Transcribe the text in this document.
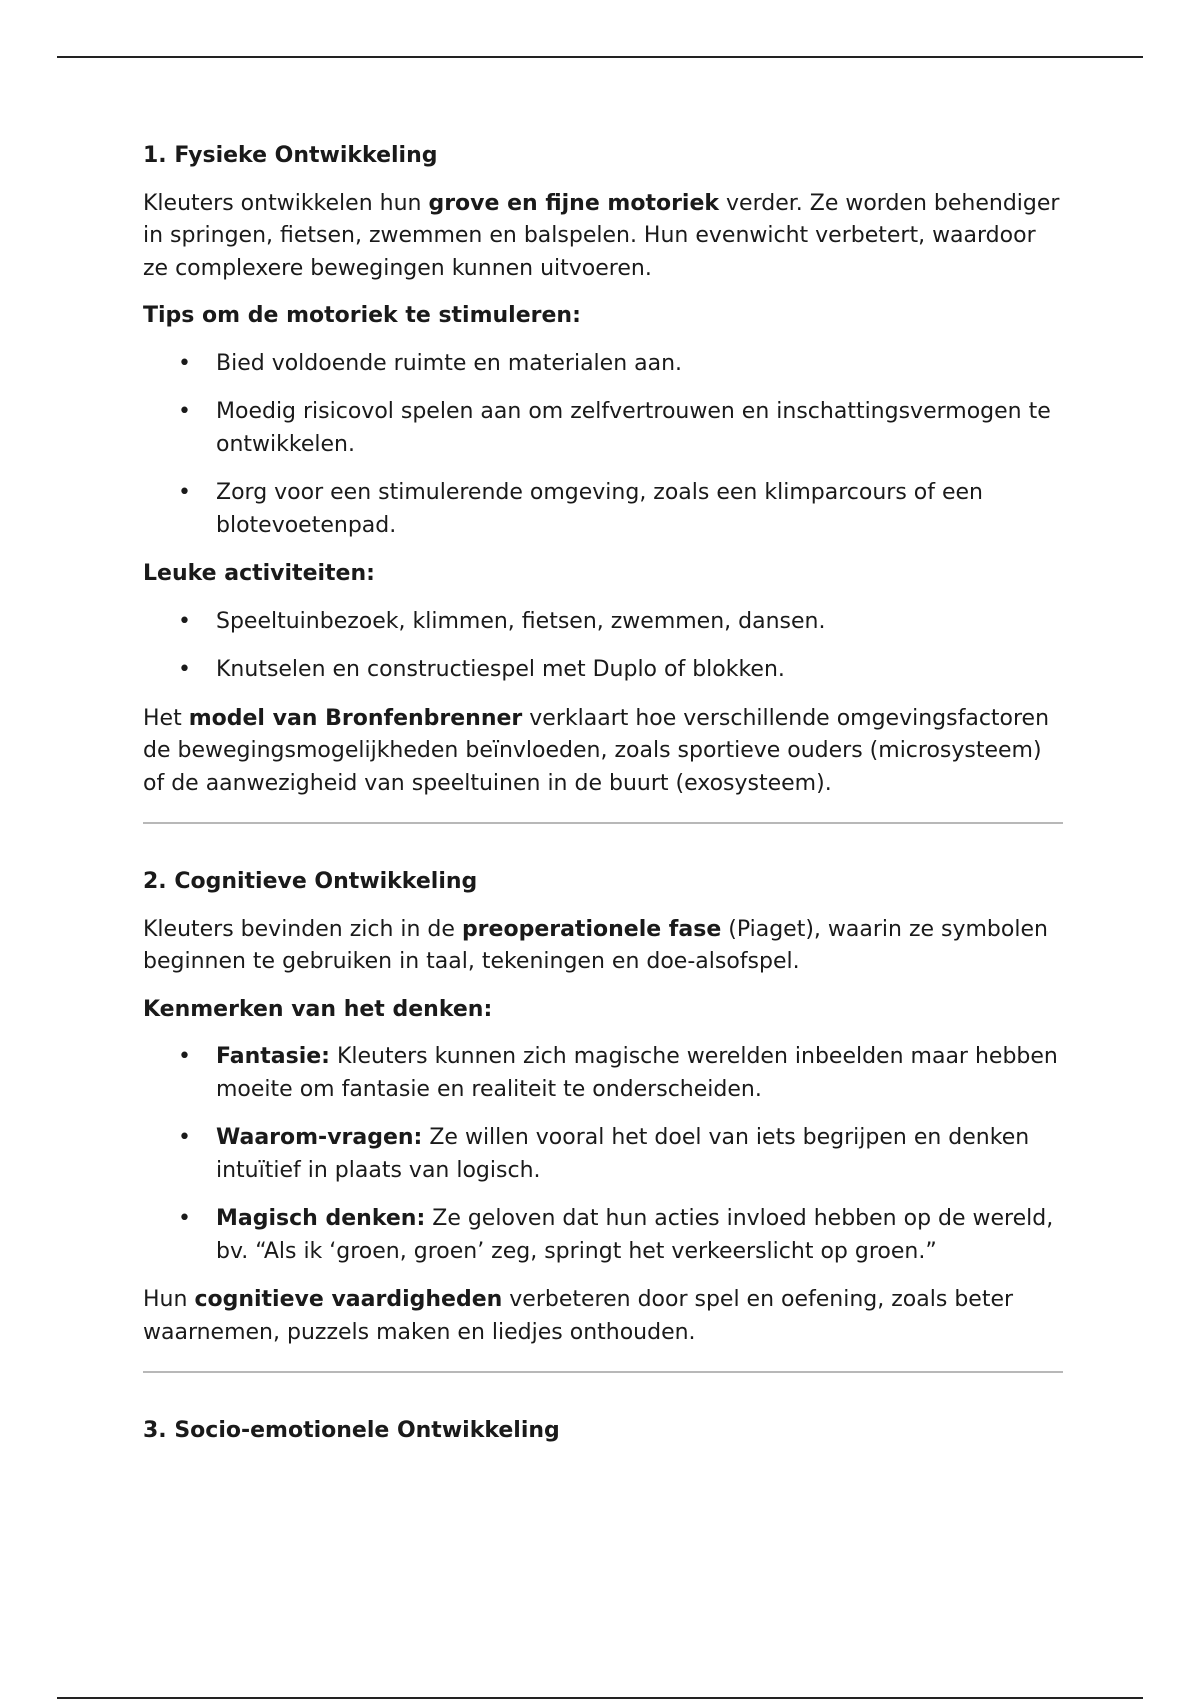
1. Fysieke Ontwikkeling

Kleuters ontwikkelen hun grove en fijne motoriek verder. Ze worden behendiger in springen, fietsen, zwemmen en balspelen. Hun evenwicht verbetert, waardoor ze complexere bewegingen kunnen uitvoeren.

Tips om de motoriek te stimuleren:
• Bied voldoende ruimte en materialen aan.
• Moedig risicovol spelen aan om zelfvertrouwen en inschattingsvermogen te ontwikkelen.
• Zorg voor een stimulerende omgeving, zoals een klimparcours of een blotevoetenpad.
Leuke activiteiten:
• Speeltuinbezoek, klimmen, fietsen, zwemmen, dansen.
• Knutselen en constructiespel met Duplo of blokken.

Het model van Bronfenbrenner verklaart hoe verschillende omgevingsfactoren de bewegingsmogelijkheden beïnvloeden, zoals sportieve ouders (microsysteem) of de aanwezigheid van speeltuinen in de buurt (exosysteem).

2. Cognitieve Ontwikkeling

Kleuters bevinden zich in de preoperationele fase (Piaget), waarin ze symbolen beginnen te gebruiken in taal, tekeningen en doe-alsofspel.

Kenmerken van het denken:
• Fantasie: Kleuters kunnen zich magische werelden inbeelden maar hebben moeite om fantasie en realiteit te onderscheiden.
• Waarom-vragen: Ze willen vooral het doel van iets begrijpen en denken intuïtief in plaats van logisch.
• Magisch denken: Ze geloven dat hun acties invloed hebben op de wereld, bv. “Als ik ‘groen, groen’ zeg, springt het verkeerslicht op groen.”

Hun cognitieve vaardigheden verbeteren door spel en oefening, zoals beter waarnemen, puzzels maken en liedjes onthouden.

3. Socio-emotionele Ontwikkeling
